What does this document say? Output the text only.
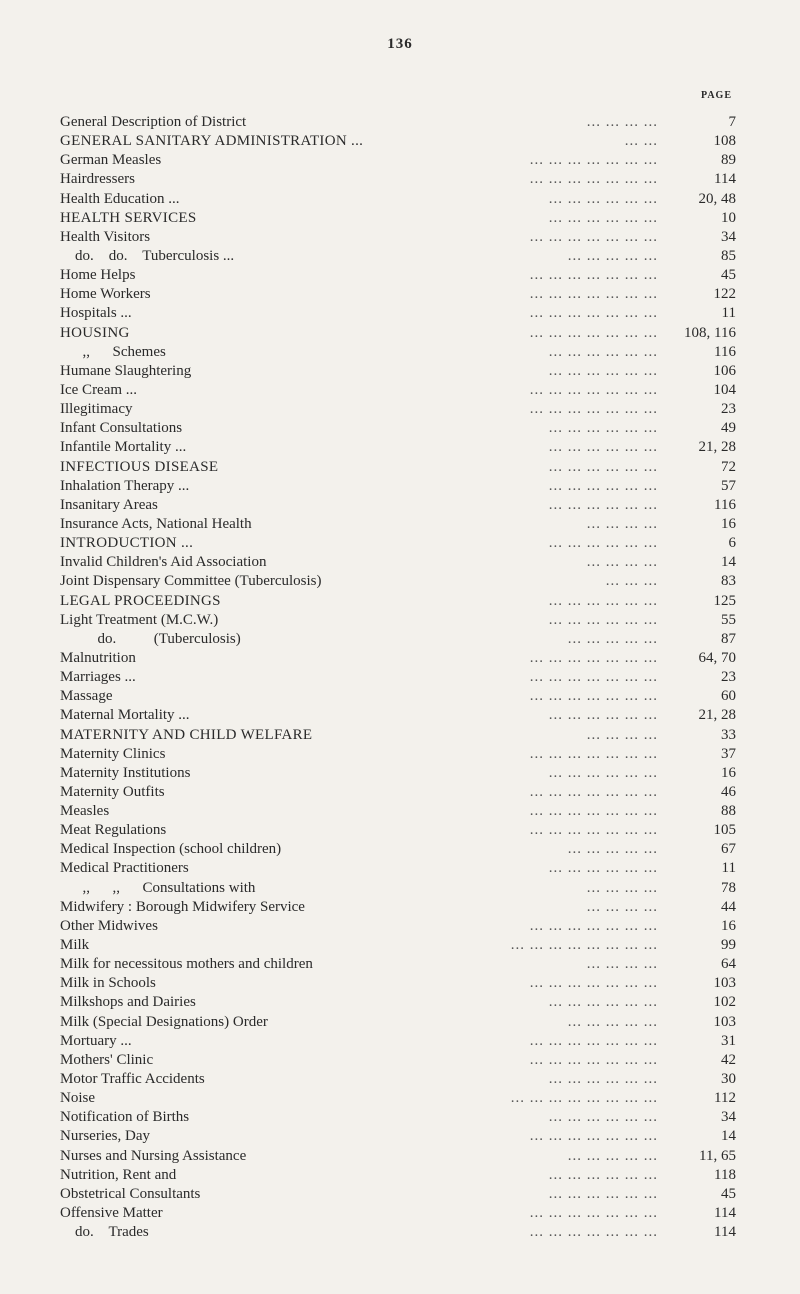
136
PAGE
General Description of District	... ... ... ...	7
GENERAL SANITARY ADMINISTRATION ...	... ...	108
German Measles	... ... ... ... ... ... ...	89
Hairdressers	... ... ... ... ... ... ...	114
Health Education ...	... ... ... ... ... ...	20, 48
HEALTH SERVICES	... ... ... ... ... ...	10
Health Visitors	... ... ... ... ... ... ...	34
do.    do.    Tuberculosis ...	... ... ... ... ...	85
Home Helps	... ... ... ... ... ... ...	45
Home Workers	... ... ... ... ... ... ...	122
Hospitals ...	... ... ... ... ... ... ...	11
HOUSING	... ... ... ... ... ... ...	108, 116
,,      Schemes	... ... ... ... ... ...	116
Humane Slaughtering	... ... ... ... ... ...	106
Ice Cream ...	... ... ... ... ... ... ...	104
Illegitimacy	... ... ... ... ... ... ...	23
Infant Consultations	... ... ... ... ... ...	49
Infantile Mortality ...	... ... ... ... ... ...	21, 28
INFECTIOUS DISEASE	... ... ... ... ... ...	72
Inhalation Therapy ...	... ... ... ... ... ...	57
Insanitary Areas	... ... ... ... ... ...	116
Insurance Acts, National Health	... ... ... ...	16
INTRODUCTION ...	... ... ... ... ... ...	6
Invalid Children's Aid Association	... ... ... ...	14
Joint Dispensary Committee (Tuberculosis)	... ... ...	83
LEGAL PROCEEDINGS	... ... ... ... ... ...	125
Light Treatment (M.C.W.)	... ... ... ... ... ...	55
do.          (Tuberculosis)	... ... ... ... ...	87
Malnutrition	... ... ... ... ... ... ...	64, 70
Marriages ...	... ... ... ... ... ... ...	23
Massage	... ... ... ... ... ... ...	60
Maternal Mortality ...	... ... ... ... ... ...	21, 28
MATERNITY AND CHILD WELFARE	... ... ... ...	33
Maternity Clinics	... ... ... ... ... ... ...	37
Maternity Institutions	... ... ... ... ... ...	16
Maternity Outfits	... ... ... ... ... ... ...	46
Measles	... ... ... ... ... ... ...	88
Meat Regulations	... ... ... ... ... ... ...	105
Medical Inspection (school children)	... ... ... ... ...	67
Medical Practitioners	... ... ... ... ... ...	11
,,      ,,      Consultations with	... ... ... ...	78
Midwifery : Borough Midwifery Service	... ... ... ...	44
Other Midwives	... ... ... ... ... ... ...	16
Milk	... ... ... ... ... ... ... ...	99
Milk for necessitous mothers and children	... ... ... ...	64
Milk in Schools	... ... ... ... ... ... ...	103
Milkshops and Dairies	... ... ... ... ... ...	102
Milk (Special Designations) Order	... ... ... ... ...	103
Mortuary ...	... ... ... ... ... ... ...	31
Mothers' Clinic	... ... ... ... ... ... ...	42
Motor Traffic Accidents	... ... ... ... ... ...	30
Noise	... ... ... ... ... ... ... ...	112
Notification of Births	... ... ... ... ... ...	34
Nurseries, Day	... ... ... ... ... ... ...	14
Nurses and Nursing Assistance	... ... ... ... ...	11, 65
Nutrition, Rent and	... ... ... ... ... ...	118
Obstetrical Consultants	... ... ... ... ... ...	45
Offensive Matter	... ... ... ... ... ... ...	114
do.    Trades	... ... ... ... ... ... ...	114
